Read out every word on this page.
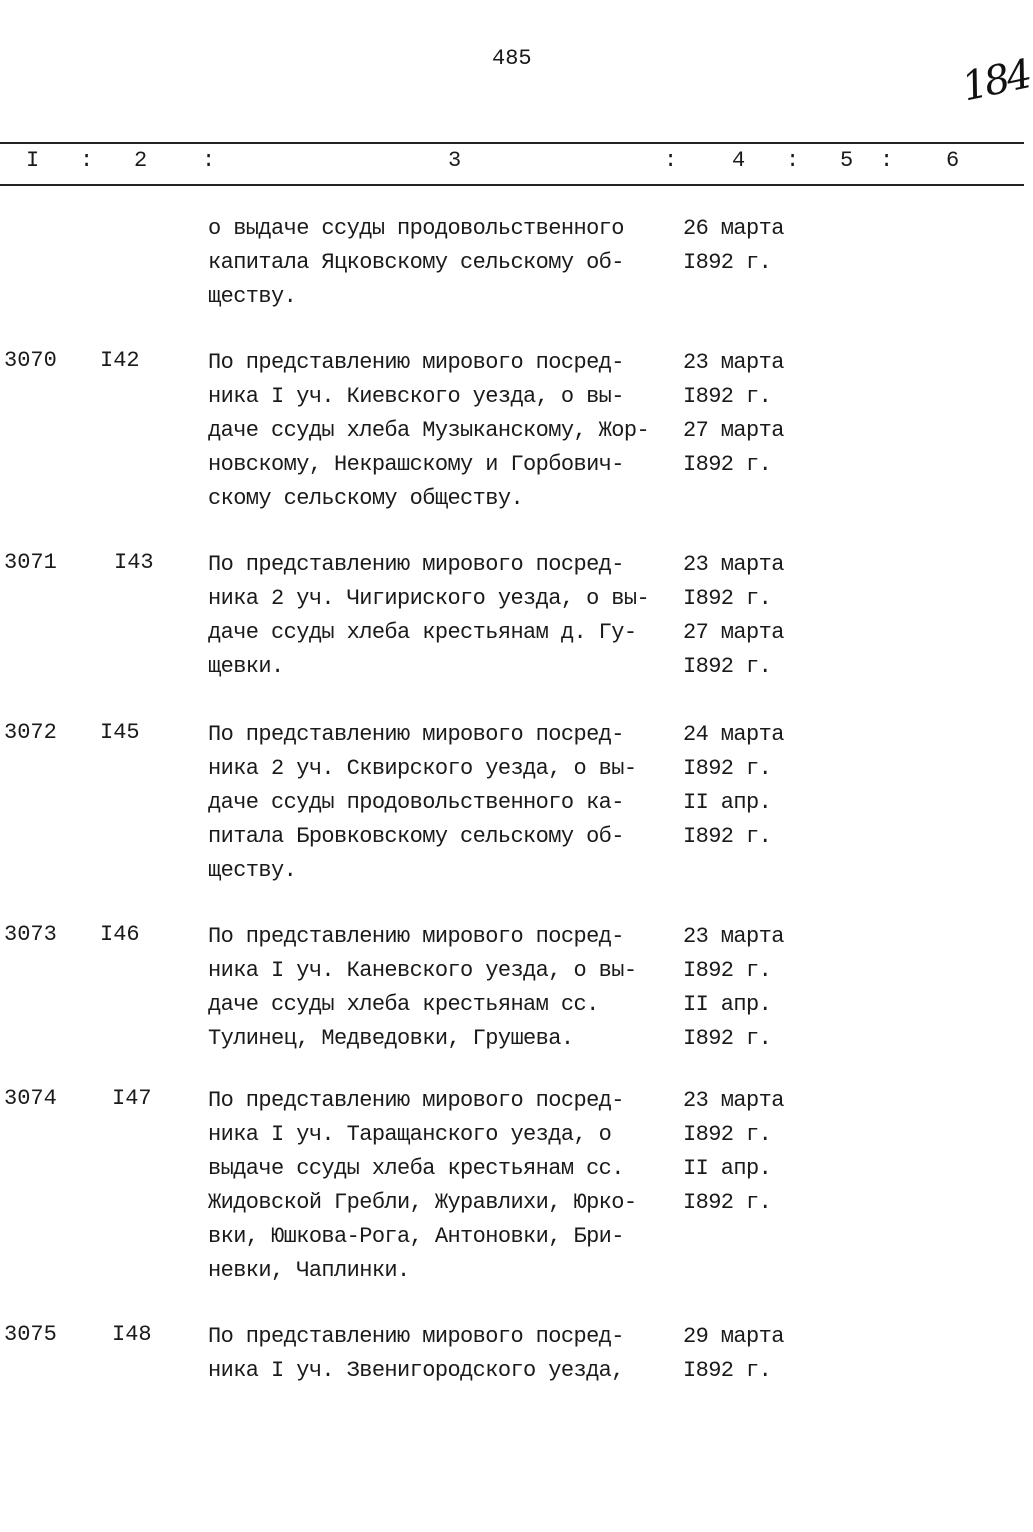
485	184
I : 2 :	3	: 4 : 5 : 6
о выдаче ссуды продовольственного
капитала Яцковскому сельскому об-
ществу.
26 марта
I892 г.
3070 I42	По представлению мирового посред-
ника I уч. Киевского уезда, о вы-
даче ссуды хлеба Музыканскому, Жор-
новскому, Некрашскому и Горбович-
скому сельскому обществу.
23 марта
I892 г.
27 марта
I892 г.
3071	I43 По представлению мирового посред-
ника 2 уч. Чигириского уезда, о вы-
даче ссуды хлеба крестьянам д. Гу-
щевки.
23 марта
I892 г.
27 марта
I892 г.
3072 I45	По представлению мирового посред-
ника 2 уч. Сквирского уезда, о вы-
даче ссуды продовольственного ка-
питала Бровковскому сельскому об-
ществу.
24 марта
I892 г.
II апр.
I892 г.
3073 I46	По представлению мирового посред-
ника I уч. Каневского уезда, о вы-
даче ссуды хлеба крестьянам сс.
Тулинец, Медведовки, Грушева.
23 марта
I892 г.
II апр.
I892 г.
3074	I47	По представлению мирового посред-
ника I уч. Таращанского уезда, о
выдаче ссуды хлеба крестьянам сс.
Жидовской Гребли, Журавлихи, Юрко-
вки, Юшкова-Рога, Антоновки, Бри-
невки, Чаплинки.
23 марта
I892 г.
II апр.
I892 г.
3075	I48	По представлению мирового посред-
ника I уч. Звенигородского уезда,
29 марта
I892 г.
